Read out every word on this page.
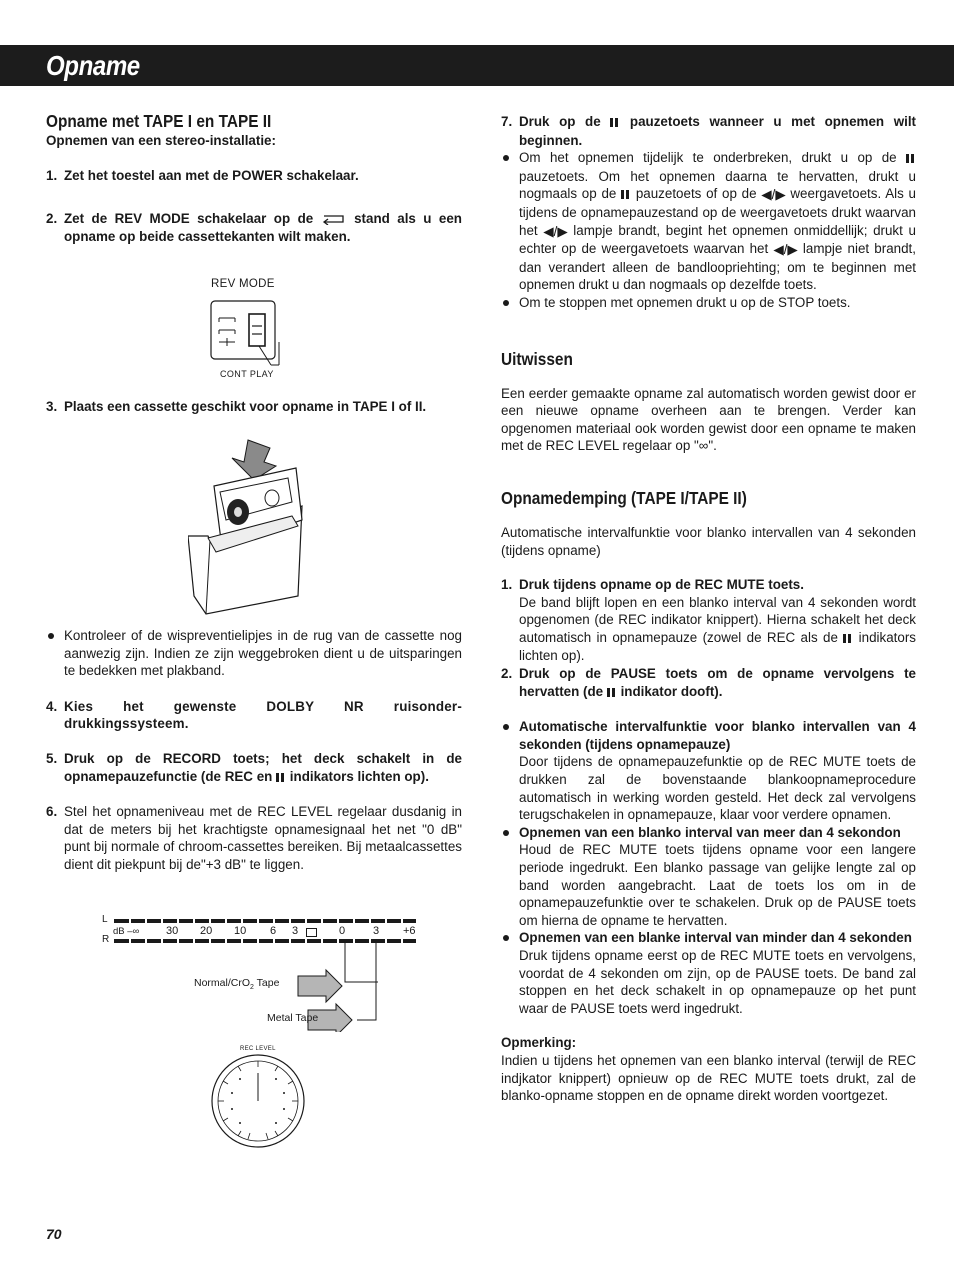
Opname
Opname met TAPE I en TAPE II

Opnemen van een stereo-installatie:

1. Zet het toestel aan met de POWER schakelaar.
2. Zet de REV MODE schakelaar op de	stand als u een opname op beide cassettekanten wilt maken.
REV MODE
CONT PLAY
3. Plaats een cassette geschikt voor opname in TAPE I of II.
Kontroleer of de wispreventielipjes in de rug van de cassette nog aanwezig zijn. Indien ze zijn weggebroken dient u de uitsparingen te bedekken met plakband.
4. Kies het gewenste DOLBY NR ruisonder-drukkingssysteem.
5. Druk op de RECORD toets; het deck schakelt in de opnamepauzefunctie (de REC en indikators lichten op).
6. Stel het opnameniveau met de REC LEVEL regelaar dusdanig in dat de meters bij het krachtigste opnamesignaal het net "0 dB" punt bij normale of chroom-cassettes bereiken. Bij metaalcassettes dient dit piekpunt bij de"+3 dB" te liggen.
L
R
dB –∞ 30 20 10 6 3	0	3 +6
Normal/CrO$_2$ Tape
Metal Tape
REC LEVEL
7. Druk op de pauzetoets wanneer u met opnemen wilt beginnen.
Om het opnemen tijdelijk te onderbreken, drukt u op de  pauzetoets. Om het opnemen daarna te hervatten, drukt u nogmaals op de pauzetoets of op de ◀/▶ weergavetoets. Als u tijdens de opnamepauzestand op de weergavetoets drukt waarvan het ◀/▶ lampje brandt, begint het opnemen onmiddellijk; drukt u echter op de weergavetoets waarvan het ◀/▶ lampje niet brandt, dan verandert alleen de bandloopriehting; om te beginnen met opnemen drukt u dan nogmaals op dezelfde toets.
Om te stoppen met opnemen drukt u op de STOP toets.
Uitwissen

Een eerder gemaakte opname zal automatisch worden gewist door er een nieuwe opname overheen aan te brengen. Verder kan opgenomen materiaal ook worden gewist door een opname te maken met de REC LEVEL regelaar op "∞".

Opnamedemping (TAPE I/TAPE II)

Automatische intervalfunktie voor blanko intervallen van 4 sekonden (tijdens opname)

1. Druk tijdens opname op de REC MUTE toets.
De band blijft lopen en een blanko interval van 4 sekonden wordt opgenomen (de REC indikator knippert). Hierna schakelt het deck automatisch in opnamepauze (zowel de REC als de indikators lichten op).
2. Druk op de PAUSE toets om de opname vervolgens te hervatten (de indikator dooft).
Automatische intervalfunktie voor blanko intervallen van 4 sekonden (tijdens opnamepauze)
Door tijdens de opnamepauzefunktie op de REC MUTE toets de drukken zal de bovenstaande blankoopnameprocedure automatisch in werking worden gesteld. Het deck zal vervolgens terugschakelen in opnamepauze, klaar voor verdere opnamen.
Opnemen van een blanko interval van meer dan 4 sekondon
Houd de REC MUTE toets tijdens opname voor een langere periode ingedrukt. Een blanko passage van gelijke lengte zal op band worden aangebracht. Laat de toets los om in de opnamepauzefunktie over te schakelen. Druk op de PAUSE toets om hierna de opname te hervatten.
Opnemen van een blanke interval van minder dan 4 sekonden
Druk tijdens opname eerst op de REC MUTE toets en vervolgens, voordat de 4 sekonden om zijn, op de PAUSE toets. De band zal stoppen en het deck schakelt in op opnamepauze op het punt waar de PAUSE toets werd ingedrukt.

Opmerking:

Indien u tijdens het opnemen van een blanko interval (terwijl de REC indjkator knippert) opnieuw op de REC MUTE toets drukt, zal de blanko-opname stoppen en de opname direkt worden voortgezet.

70
